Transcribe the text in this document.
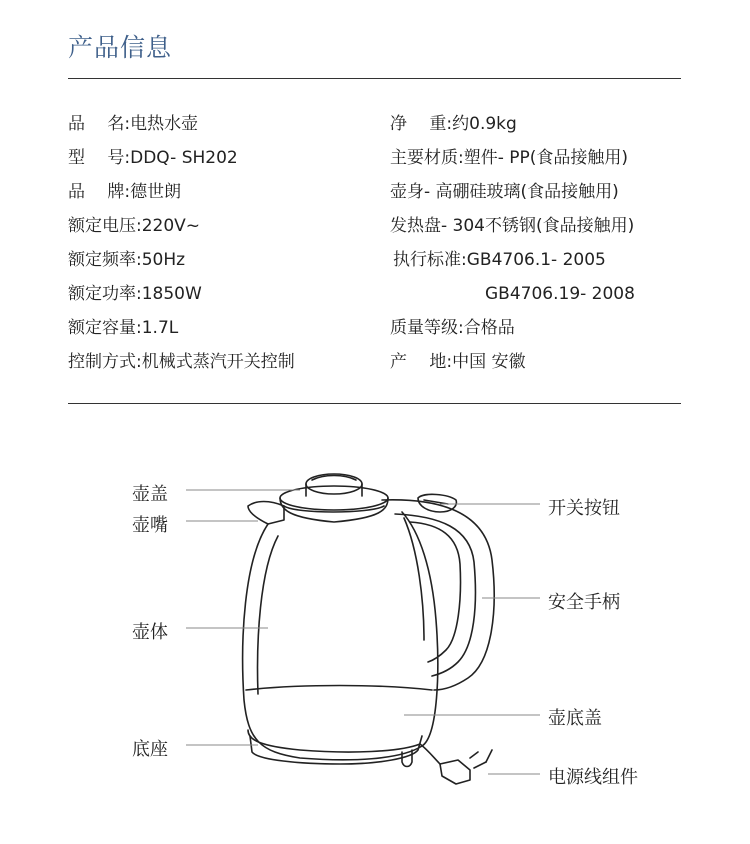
产品信息
品　 名:电热水壶
型　 号:DDQ- SH202
品　 牌:德世朗
额定电压:220V~
额定频率:50Hz
额定功率:1850W
额定容量:1.7L
控制方式:机械式蒸汽开关控制
净　 重:约0.9kg
主要材质:塑件- PP(食品接触用)
壶身- 高硼硅玻璃(食品接触用)
发热盘- 304不锈钢(食品接触用)
执行标准:GB4706.1- 2005
GB4706.19- 2008
质量等级:合格品
产　 地:中国 安徽
壶盖
壶嘴
壶体
底座
开关按钮
安全手柄
壶底盖
电源线组件
